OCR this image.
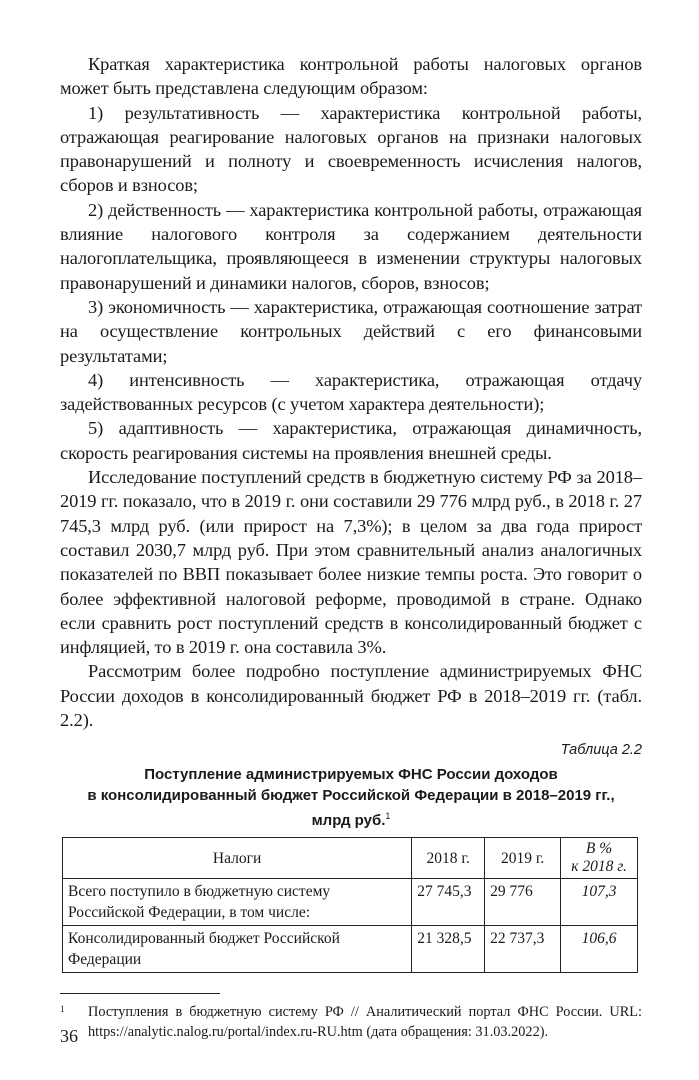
Краткая характеристика контрольной работы налоговых органов может быть представлена следующим образом:

1) результативность — характеристика контрольной работы, отражающая реагирование налоговых органов на признаки налоговых правонарушений и полноту и своевременность исчисления налогов, сборов и взносов;

2) действенность — характеристика контрольной работы, отражающая влияние налогового контроля за содержанием деятельности налогоплательщика, проявляющееся в изменении структуры налоговых правонарушений и динамики налогов, сборов, взносов;

3) экономичность — характеристика, отражающая соотношение затрат на осуществление контрольных действий с его финансовыми результатами;

4) интенсивность — характеристика, отражающая отдачу задействованных ресурсов (с учетом характера деятельности);

5) адаптивность — характеристика, отражающая динамичность, скорость реагирования системы на проявления внешней среды.

Исследование поступлений средств в бюджетную систему РФ за 2018–2019 гг. показало, что в 2019 г. они составили 29 776 млрд руб., в 2018 г. 27 745,3 млрд руб. (или прирост на 7,3%); в целом за два года прирост составил 2030,7 млрд руб. При этом сравнительный анализ аналогичных показателей по ВВП показывает более низкие темпы роста. Это говорит о более эффективной налоговой реформе, проводимой в стране. Однако если сравнить рост поступлений средств в консолидированный бюджет с инфляцией, то в 2019 г. она составила 3%.

Рассмотрим более подробно поступление администрируемых ФНС России доходов в консолидированный бюджет РФ в 2018–2019 гг. (табл. 2.2).

Таблица 2.2
Поступление администрируемых ФНС России доходов
в консолидированный бюджет Российской Федерации в 2018–2019 гг.,
млрд руб.$^1$
Налоги	2018 г.	2019 г.	В %
к 2018 г.
Всего поступило в бюджетную систему Российской Федерации, в том числе:	27 745,3	29 776	107,3
Консолидированный бюджет Российской Федерации	21 328,5	22 737,3	106,6
1 Поступления в бюджетную систему РФ // Аналитический портал ФНС России. URL: https://analytic.nalog.ru/portal/index.ru-RU.htm (дата обращения: 31.03.2022).
36
